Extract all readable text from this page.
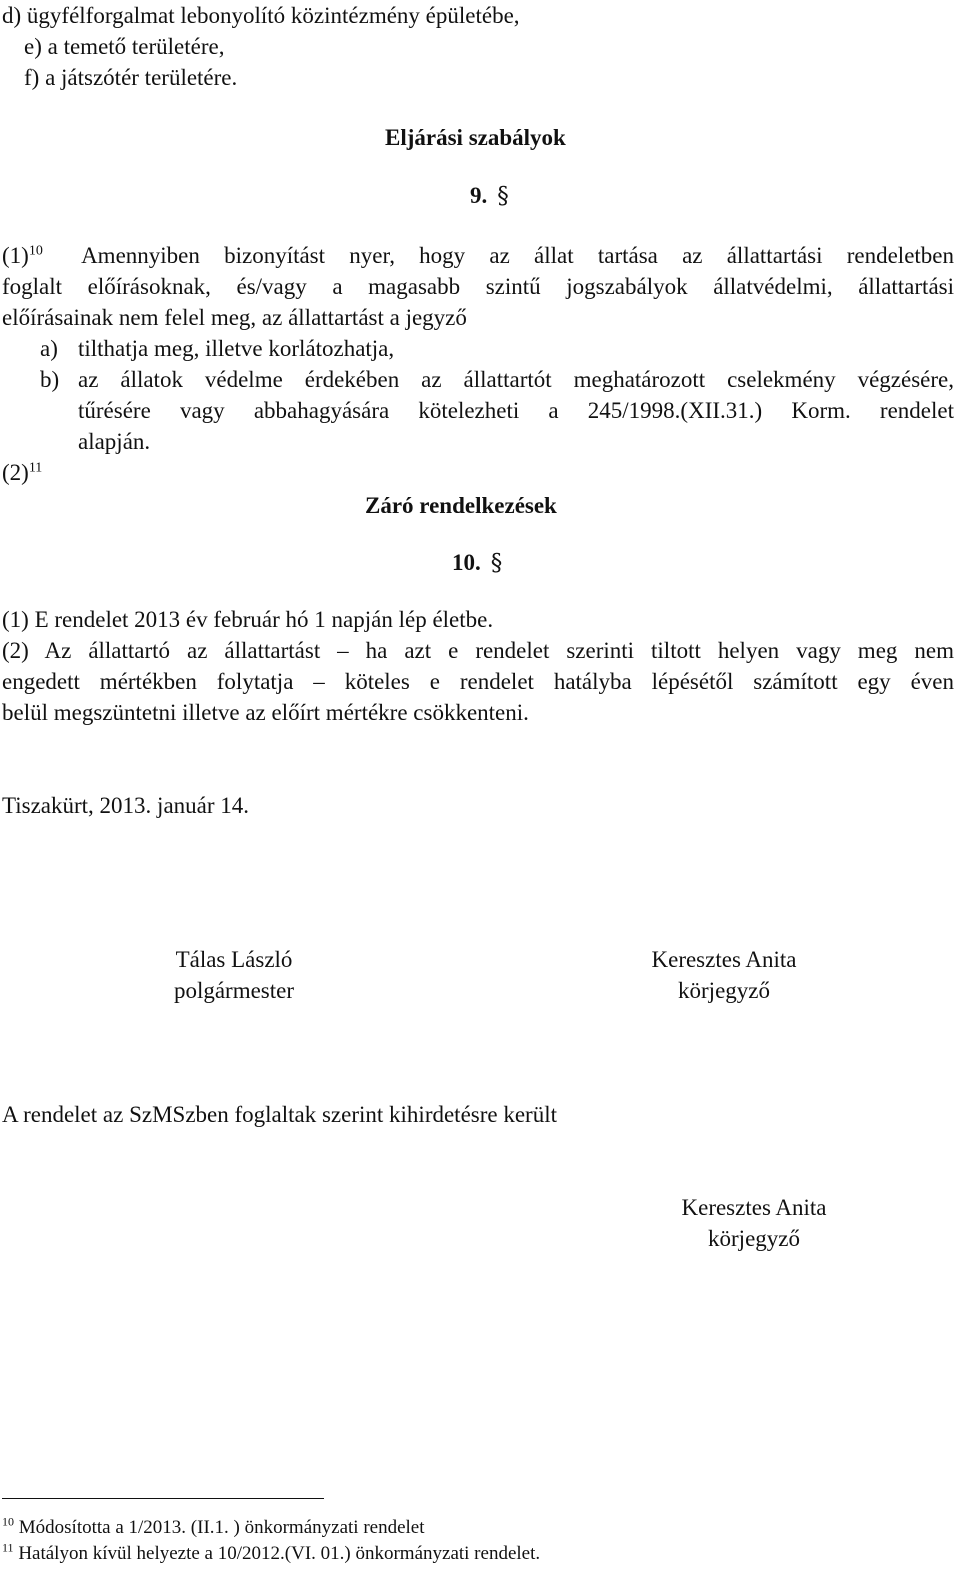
d) ügyfélforgalmat lebonyolító közintézmény épületébe,
e) a temető területére,
f) a játszótér területére.
Eljárási szabályok
9. §
$(1)^{10}$ Amennyiben bizonyítást nyer, hogy az állat tartása az állattartási rendeletben
foglalt előírásoknak, és/vagy a magasabb szintű jogszabályok állatvédelmi, állattartási
előírásainak nem felel meg, az állattartást a jegyző
a) tilthatja meg, illetve korlátozhatja,
b) az állatok védelme érdekében az állattartót meghatározott cselekmény végzésére,
tűrésére vagy abbahagyására kötelezheti a 245/1998.(XII.31.) Korm. rendelet
alapján.
$(2)^{11}$
Záró rendelkezések
10. §
(1) E rendelet 2013 év február hó 1 napján lép életbe.
(2) Az állattartó az állattartást – ha azt e rendelet szerinti tiltott helyen vagy meg nem
engedett mértékben folytatja – köteles e rendelet hatályba lépésétől számított egy éven
belül megszüntetni illetve az előírt mértékre csökkenteni.
Tiszakürt, 2013. január 14.
Tálas László
polgármester
Keresztes Anita
körjegyző
A rendelet az SzMSzben foglaltak szerint kihirdetésre került
Keresztes Anita
körjegyző
$^{10}$ Módosította a 1/2013. (II.1. ) önkormányzati rendelet
$^{11}$ Hatályon kívül helyezte a 10/2012.(VI. 01.) önkormányzati rendelet.
